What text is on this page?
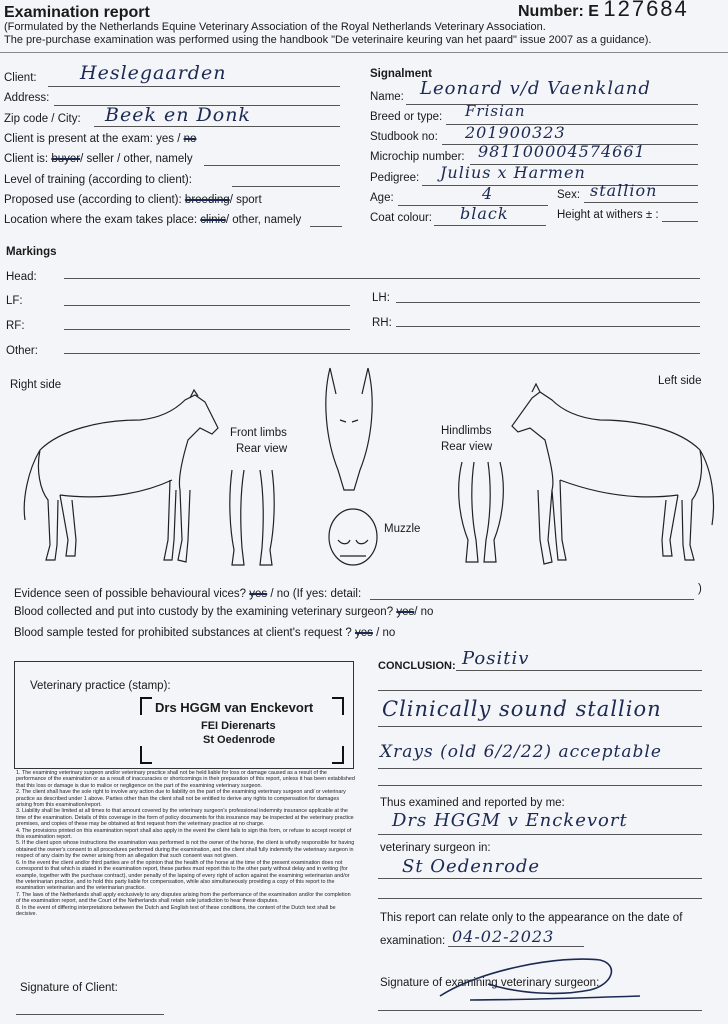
Examination report	Number: E 127684
(Formulated by the Netherlands Equine Veterinary Association of the Royal Netherlands Veterinary Association.
The pre-purchase examination was performed using the handbook "De veterinaire keuring van het paard" issue 2007 as a guidance).
Client: Heslegaarden
Address:
Zip code / City: Beek en Donk
Client is present at the exam: yes / no
Client is: buyer/ seller / other, namely
Level of training (according to client):
Proposed use (according to client): breeding/ sport
Location where the exam takes place: clinic/ other, namely
Signalment
Name: Leonard v/d Vaenkland
Breed or type: Frisian
Studbook no: 201900323
Microchip number: 981100004574661
Pedigree: Julius x Harmen
Age:	4	Sex: stallion
Coat colour: black	Height at withers ± :
Markings
Head:
LF:	LH:
RF:	RH:
Other:
Right side	Left side
Front limbs
Rear view
Hindlimbs
Rear view
Muzzle
Evidence seen of possible behavioural vices? yes / no (If yes: detail:	)
Blood collected and put into custody by the examining veterinary surgeon? yes/ no
Blood sample tested for prohibited substances at client's request ? yes / no
Veterinary practice (stamp):
Drs HGGM van Enckevort
FEI Dierenarts
St Oedenrode

1. The examining veterinary surgeon and/or veterinary practice shall not be held liable for loss or damage caused as a result of the performance of the examination or as a result of inaccuracies or shortcomings in their preparation of this report, unless it has been established that this loss or damage is due to malice or negligence on the part of the examining veterinary surgeon.

2. The client shall have the sole right to involve any action due to liability on the part of the examining veterinary surgeon and/ or veterinary practice as described under 1 above. Parties other than the client shall not be entitled to derive any rights to compensation for damages arising from this examination/report.

3. Liability shall be limited at all times to that amount covered by the veterinary surgeon's professional indemnity insurance applicable at the time of the examination. Details of this coverage in the form of policy documents for this insurance may be inspected at the veterinary practice premises, and copies of these may be obtained at first request from the veterinary practice at no charge.

4. The provisions printed on this examination report shall also apply in the event the client fails to sign this form, or refuse to accept receipt of this examination report.

5. If the client upon whose instructions the examination was performed is not the owner of the horse, the client is wholly responsible for having obtained the owner's consent to all procedures performed during the examination, and the client shall fully indemnify the veterinary surgeon in respect of any claim by the owner arising from an allegation that such consent was not given.

6. In the event the client and/or third parties are of the opinion that the health of the horse at the time of the present examination does not correspond to that which is stated in the examination report, these parties must report this to the other party without delay and in writing (for example, together with the purchase contract), under penalty of the lapsing of every right of action against the examining veterinarian and/or the veterinarian practice, and to hold this party liable for compensation, while also simultaneously providing a copy of this report to the examination veterinarian and the veterinarian practice.

7. The laws of the Netherlands shall apply exclusively to any disputes arising from the performance of the examination and/or the completion of the examination report, and the Court of the Netherlands shall retain sole jurisdiction to hear these disputes.

8. In the event of differing interpretations between the Dutch and English text of these conditions, the content of the Dutch text shall be decisive.

CONCLUSION: Positiv
Clinically sound stallion
Xrays (old 6/2/22) acceptable
Thus examined and reported by me:
Drs HGGM v Enckevort
veterinary surgeon in:
St Oedenrode
This report can relate only to the appearance on the date of
examination: 04-02-2023
Signature of examining veterinary surgeon:
Signature of Client:
